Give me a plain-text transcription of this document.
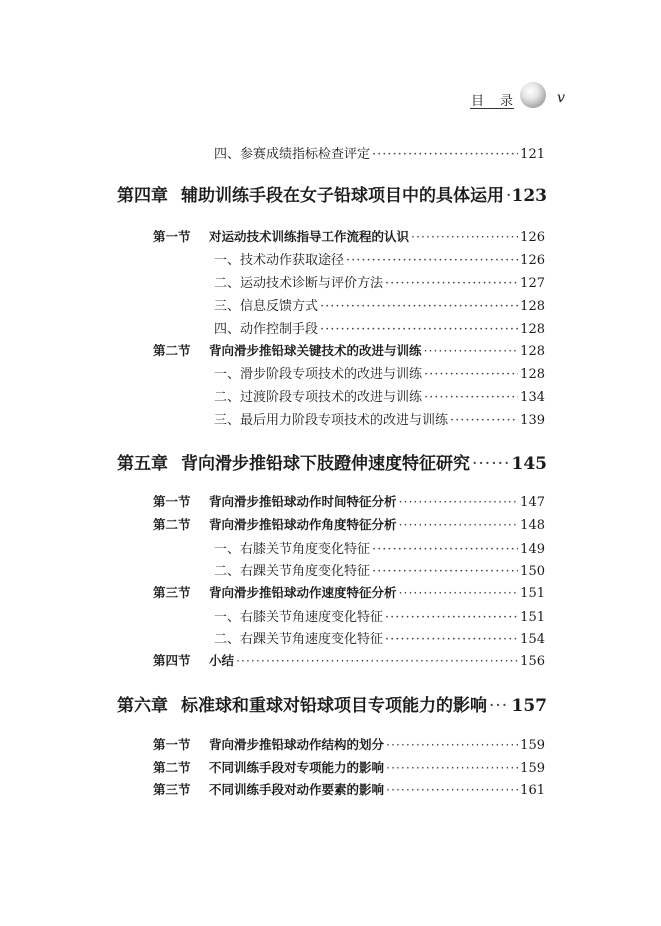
目 录	v
四、参赛成绩指标检查评定 ·····	121
第四章 辅助训练手段在女子铅球项目中的具体运用 ····· 123
第一节	对运动技术训练指导工作流程的认识 ·····	126
一、技术动作获取途径 ·····	126
二、运动技术诊断与评价方法 ·····	127
三、信息反馈方式 ·····	128
四、动作控制手段 ·····	128
第二节	背向滑步推铅球关键技术的改进与训练 ·····	128
一、滑步阶段专项技术的改进与训练 ·····	128
二、过渡阶段专项技术的改进与训练 ·····	134
三、最后用力阶段专项技术的改进与训练 ·····	139
第五章 背向滑步推铅球下肢蹬伸速度特征研究 ····· 145
第一节	背向滑步推铅球动作时间特征分析 ·····	147
第二节	背向滑步推铅球动作角度特征分析 ·····	148
一、右膝关节角度变化特征 ·····	149
二、右踝关节角度变化特征 ·····	150
第三节	背向滑步推铅球动作速度特征分析 ·····	151
一、右膝关节角速度变化特征 ·····	151
二、右踝关节角速度变化特征 ·····	154
第四节	小结 ·····	156
第六章 标准球和重球对铅球项目专项能力的影响 ····· 157
第一节	背向滑步推铅球动作结构的划分 ·····	159
第二节	不同训练手段对专项能力的影响 ·····	159
第三节	不同训练手段对动作要素的影响 ·····	161
